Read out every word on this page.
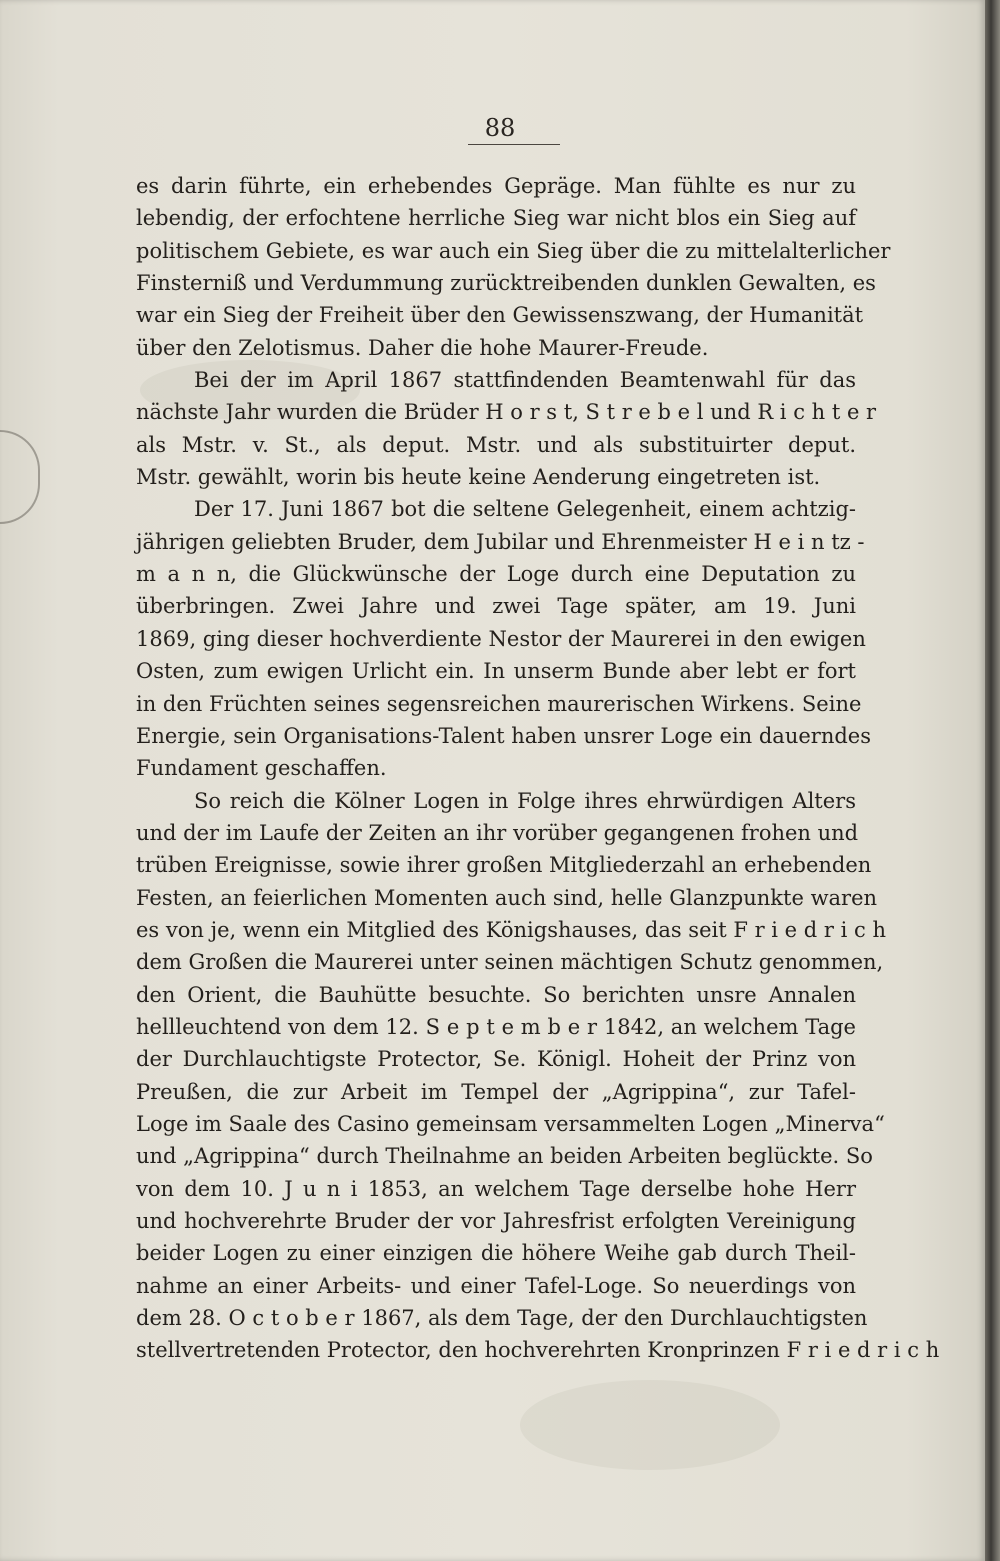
88
es darin führte, ein erhebendes Gepräge. Man fühlte es nur zu
lebendig, der erfochtene herrliche Sieg war nicht blos ein Sieg auf
politischem Gebiete, es war auch ein Sieg über die zu mittelalterlicher
Finsterniß und Verdummung zurücktreibenden dunklen Gewalten, es
war ein Sieg der Freiheit über den Gewissenszwang, der Humanität
über den Zelotismus. Daher die hohe Maurer-Freude.
Bei der im April 1867 stattfindenden Beamtenwahl für das
nächste Jahr wurden die Brüder H o r s t, S t r e b e l und R i c h t e r
als Mstr. v. St., als deput. Mstr. und als substituirter deput.
Mstr. gewählt, worin bis heute keine Aenderung eingetreten ist.
Der 17. Juni 1867 bot die seltene Gelegenheit, einem achtzig-
jährigen geliebten Bruder, dem Jubilar und Ehrenmeister H e i n tz -
m a n n, die Glückwünsche der Loge durch eine Deputation zu
überbringen. Zwei Jahre und zwei Tage später, am 19. Juni
1869, ging dieser hochverdiente Nestor der Maurerei in den ewigen
Osten, zum ewigen Urlicht ein. In unserm Bunde aber lebt er fort
in den Früchten seines segensreichen maurerischen Wirkens. Seine
Energie, sein Organisations-Talent haben unsrer Loge ein dauerndes
Fundament geschaffen.
So reich die Kölner Logen in Folge ihres ehrwürdigen Alters
und der im Laufe der Zeiten an ihr vorüber gegangenen frohen und
trüben Ereignisse, sowie ihrer großen Mitgliederzahl an erhebenden
Festen, an feierlichen Momenten auch sind, helle Glanzpunkte waren
es von je, wenn ein Mitglied des Königshauses, das seit F r i e d r i c h
dem Großen die Maurerei unter seinen mächtigen Schutz genommen,
den Orient, die Bauhütte besuchte. So berichten unsre Annalen
hellleuchtend von dem 12. S e p t e m b e r 1842, an welchem Tage
der Durchlauchtigste Protector, Se. Königl. Hoheit der Prinz von
Preußen, die zur Arbeit im Tempel der „Agrippina“, zur Tafel-
Loge im Saale des Casino gemeinsam versammelten Logen „Minerva“
und „Agrippina“ durch Theilnahme an beiden Arbeiten beglückte. So
von dem 10. J u n i 1853, an welchem Tage derselbe hohe Herr
und hochverehrte Bruder der vor Jahresfrist erfolgten Vereinigung
beider Logen zu einer einzigen die höhere Weihe gab durch Theil-
nahme an einer Arbeits- und einer Tafel-Loge. So neuerdings von
dem 28. O c t o b e r 1867, als dem Tage, der den Durchlauchtigsten
stellvertretenden Protector, den hochverehrten Kronprinzen F r i e d r i c h
